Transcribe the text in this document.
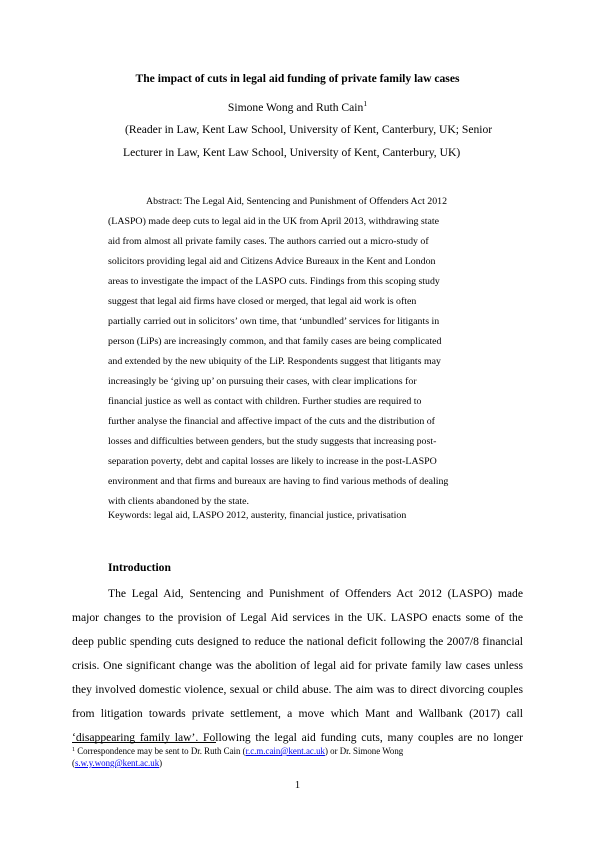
The impact of cuts in legal aid funding of private family law cases
Simone Wong and Ruth Cain$^1$
(Reader in Law, Kent Law School, University of Kent, Canterbury, UK; Senior
Lecturer in Law, Kent Law School, University of Kent, Canterbury, UK)
Abstract: The Legal Aid, Sentencing and Punishment of Offenders Act 2012
(LASPO) made deep cuts to legal aid in the UK from April 2013, withdrawing state
aid from almost all private family cases. The authors carried out a micro-study of
solicitors providing legal aid and Citizens Advice Bureaux in the Kent and London
areas to investigate the impact of the LASPO cuts. Findings from this scoping study
suggest that legal aid firms have closed or merged, that legal aid work is often
partially carried out in solicitors’ own time, that ‘unbundled’ services for litigants in
person (LiPs) are increasingly common, and that family cases are being complicated
and extended by the new ubiquity of the LiP. Respondents suggest that litigants may
increasingly be ‘giving up’ on pursuing their cases, with clear implications for
financial justice as well as contact with children. Further studies are required to
further analyse the financial and affective impact of the cuts and the distribution of
losses and difficulties between genders, but the study suggests that increasing post-
separation poverty, debt and capital losses are likely to increase in the post-LASPO
environment and that firms and bureaux are having to find various methods of dealing
with clients abandoned by the state.
Keywords: legal aid, LASPO 2012, austerity, financial justice, privatisation
Introduction
The Legal Aid, Sentencing and Punishment of Offenders Act 2012 (LASPO) made
major changes to the provision of Legal Aid services in the UK. LASPO enacts some of the
deep public spending cuts designed to reduce the national deficit following the 2007/8 financial
crisis. One significant change was the abolition of legal aid for private family law cases unless
they involved domestic violence, sexual or child abuse. The aim was to direct divorcing couples
from litigation towards private settlement, a move which Mant and Wallbank (2017) call
‘disappearing family law’. Following the legal aid funding cuts, many couples are no longer
$^1$ Correspondence may be sent to Dr. Ruth Cain (r.c.m.cain@kent.ac.uk) or Dr. Simone Wong
(s.w.y.wong@kent.ac.uk)
1
